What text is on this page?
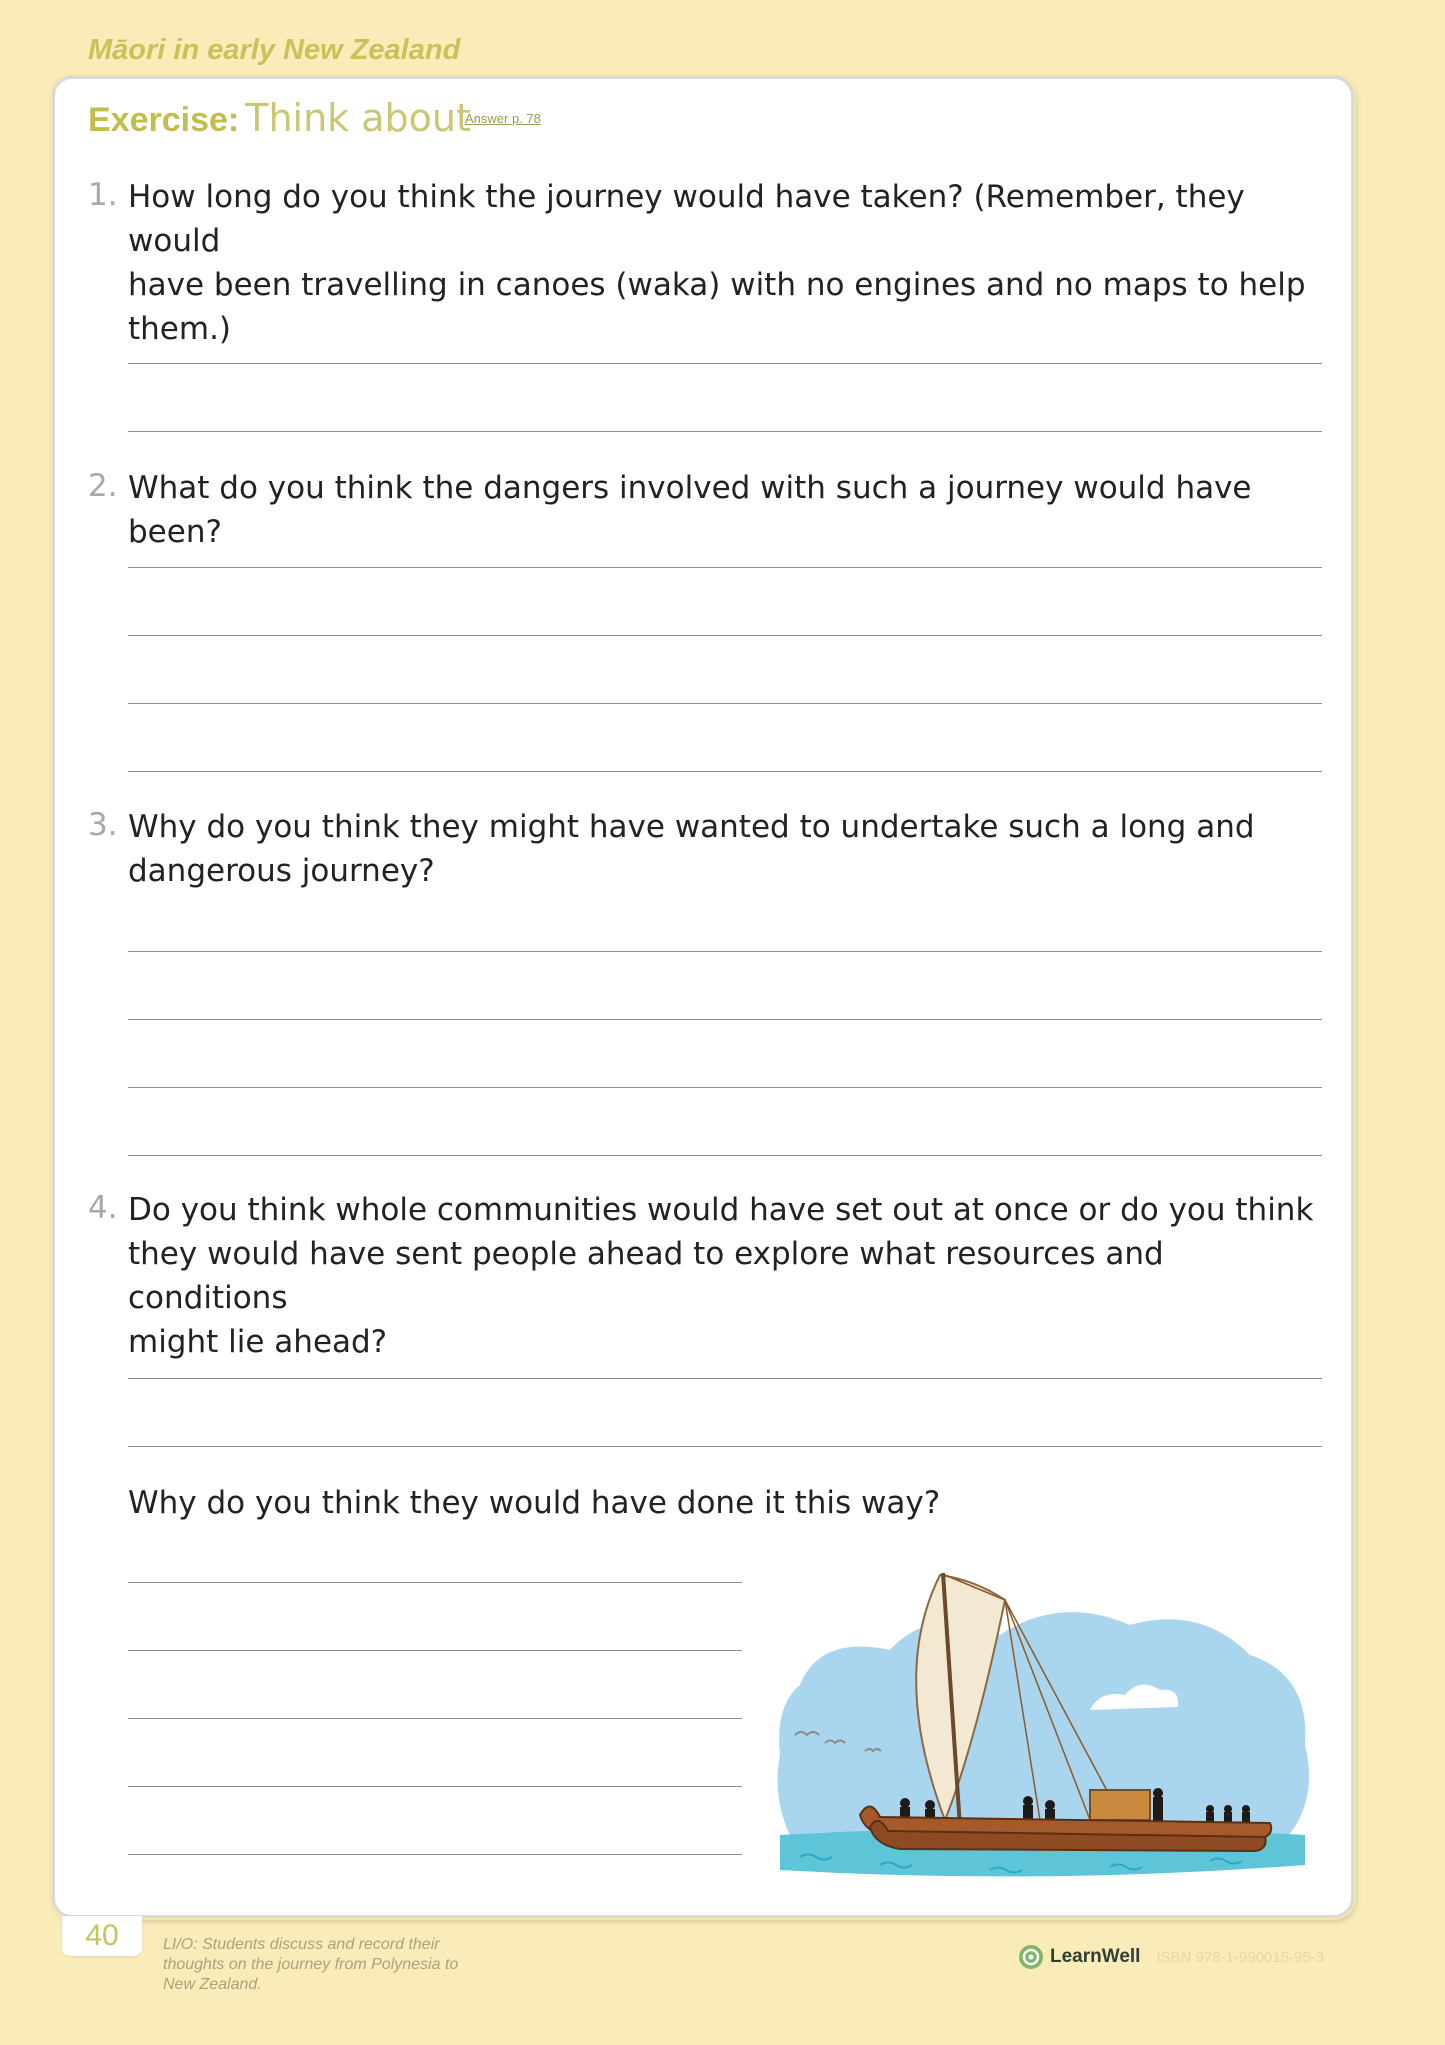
Māori in early New Zealand
Exercise: Think about
Answer p. 78
1. How long do you think the journey would have taken? (Remember, they would
have been travelling in canoes (waka) with no engines and no maps to help
them.)
2. What do you think the dangers involved with such a journey would have been?
3. Why do you think they might have wanted to undertake such a long and
dangerous journey?
4. Do you think whole communities would have set out at once or do you think
they would have sent people ahead to explore what resources and conditions
might lie ahead?
Why do you think they would have done it this way?
40	LI/O: Students discuss and record their
thoughts on the journey from Polynesia to
New Zealand.
LearnWell ISBN 978-1-990015-95-3
